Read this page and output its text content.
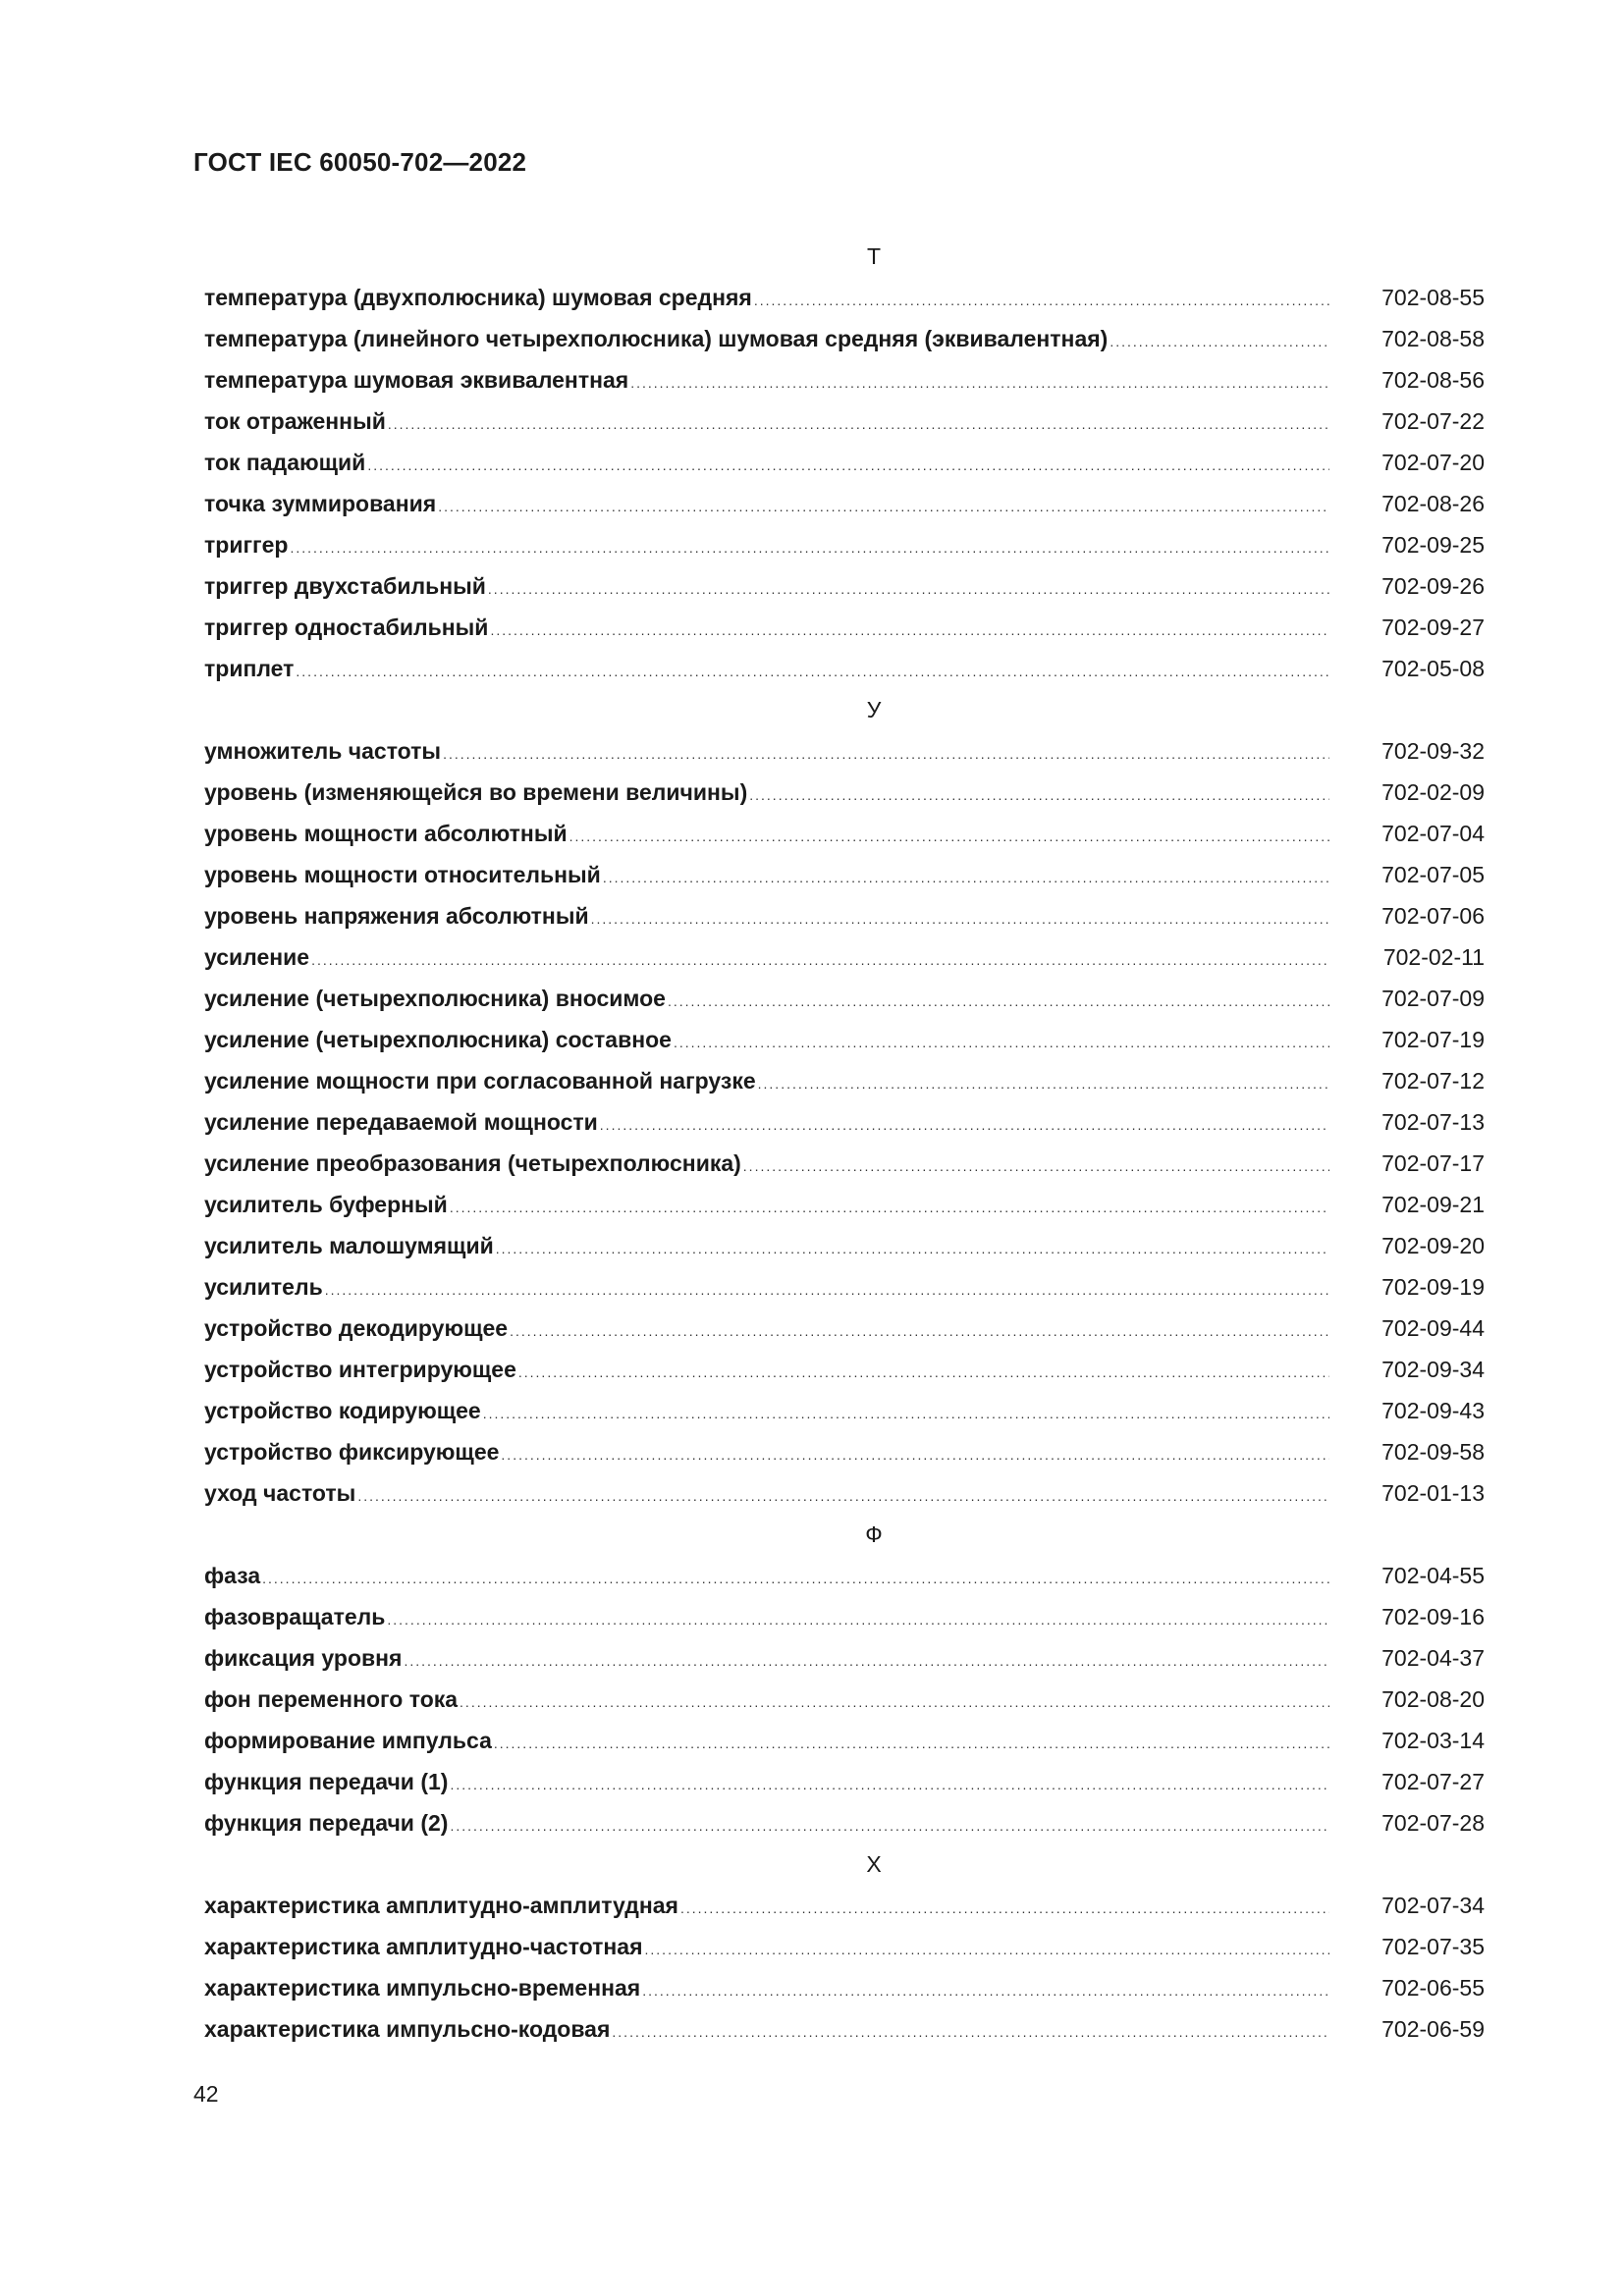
ГОСТ IEC 60050-702—2022
Т
температура (двухполюсника) шумовая средняя .....	702-08-55
температура (линейного четырехполюсника) шумовая средняя (эквивалентная) .....	702-08-58
температура шумовая эквивалентная .....	702-08-56
ток отраженный .....	702-07-22
ток падающий .....	702-07-20
точка зуммирования .....	702-08-26
триггер .....	702-09-25
триггер двухстабильный .....	702-09-26
триггер одностабильный .....	702-09-27
триплет .....	702-05-08
У
умножитель частоты .....	702-09-32
уровень (изменяющейся во времени величины) .....	702-02-09
уровень мощности абсолютный .....	702-07-04
уровень мощности относительный .....	702-07-05
уровень напряжения абсолютный .....	702-07-06
усиление .....	702-02-11
усиление (четырехполюсника) вносимое .....	702-07-09
усиление (четырехполюсника) составное .....	702-07-19
усиление мощности при согласованной нагрузке .....	702-07-12
усиление передаваемой мощности .....	702-07-13
усиление преобразования (четырехполюсника) .....	702-07-17
усилитель буферный .....	702-09-21
усилитель малошумящий .....	702-09-20
усилитель .....	702-09-19
устройство декодирующее .....	702-09-44
устройство интегрирующее .....	702-09-34
устройство кодирующее .....	702-09-43
устройство фиксирующее .....	702-09-58
уход частоты .....	702-01-13
Ф
фаза .....	702-04-55
фазовращатель .....	702-09-16
фиксация уровня .....	702-04-37
фон переменного тока .....	702-08-20
формирование импульса .....	702-03-14
функция передачи (1) .....	702-07-27
функция передачи (2) .....	702-07-28
Х
характеристика амплитудно-амплитудная .....	702-07-34
характеристика амплитудно-частотная .....	702-07-35
характеристика импульсно-временная .....	702-06-55
характеристика импульсно-кодовая .....	702-06-59
42
